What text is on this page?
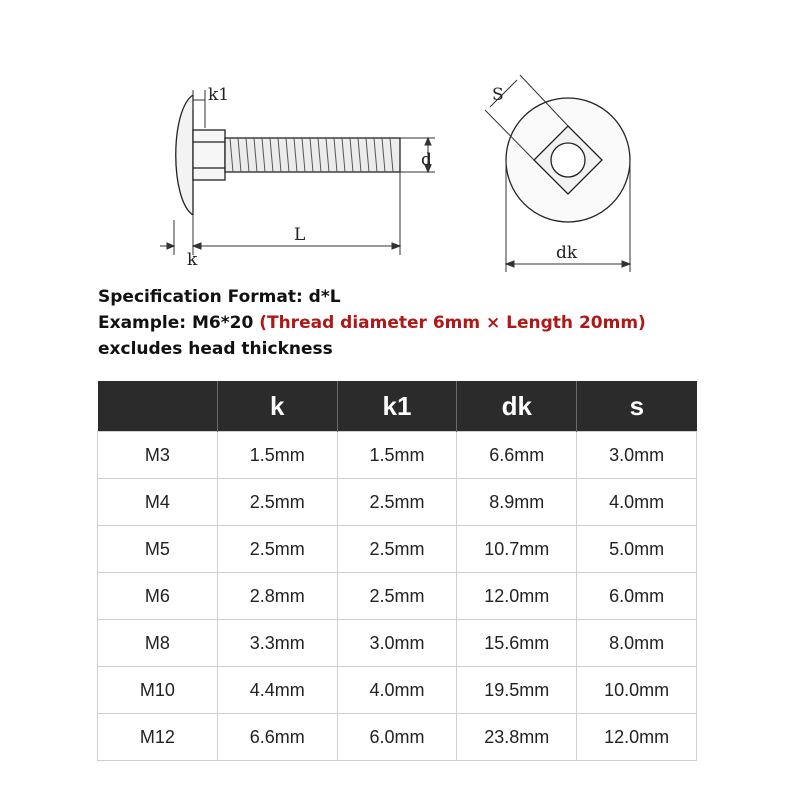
k1
d
L
k
S
dk
Specification Format: d*L
Example: M6*20 (Thread diameter 6mm × Length 20mm)
excludes head thickness
	k	k1	dk	s
M3	1.5mm	1.5mm	6.6mm	3.0mm
M4	2.5mm	2.5mm	8.9mm	4.0mm
M5	2.5mm	2.5mm	10.7mm	5.0mm
M6	2.8mm	2.5mm	12.0mm	6.0mm
M8	3.3mm	3.0mm	15.6mm	8.0mm
M10	4.4mm	4.0mm	19.5mm	10.0mm
M12	6.6mm	6.0mm	23.8mm	12.0mm
